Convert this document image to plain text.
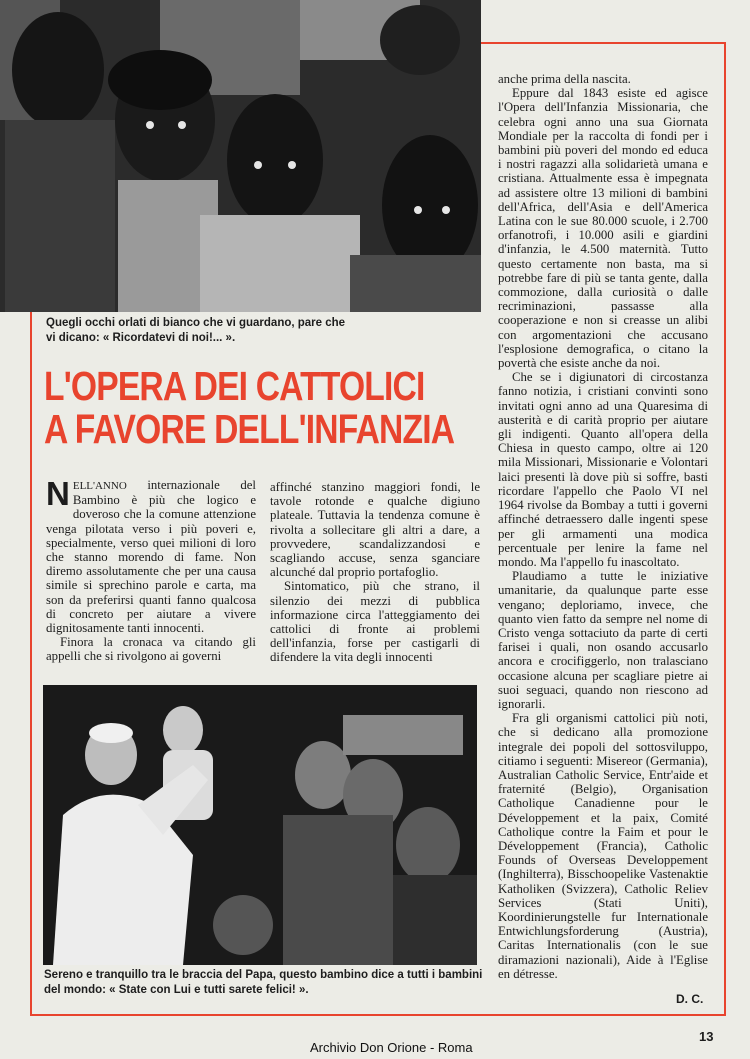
Quegli occhi orlati di bianco che vi guardano, pare che vi dicano: « Ricordatevi di noi!... ».
L'OPERA DEI CATTOLICI
A FAVORE DELL'INFANZIA

NELL'ANNO internazionale del Bambino è più che logico e doveroso che la comune attenzione venga pilotata verso i più poveri e, specialmente, verso quei milioni di loro che stanno morendo di fame. Non diremo assolutamente che per una causa simile si sprechino parole e carta, ma son da preferirsi quanti fanno qualcosa di concreto per aiutare a vivere dignitosamente tanti innocenti.

Finora la cronaca va citando gli appelli che si rivolgono ai governi

affinché stanzino maggiori fondi, le tavole rotonde e qualche digiuno plateale. Tuttavia la tendenza comune è rivolta a sollecitare gli altri a dare, a provvedere, scandalizzandosi e scagliando accuse, senza sganciare alcunché dal proprio portafoglio.

Sintomatico, più che strano, il silenzio dei mezzi di pubblica informazione circa l'atteggiamento dei cattolici di fronte ai problemi dell'infanzia, forse per castigarli di difendere la vita degli innocenti

anche prima della nascita.

Eppure dal 1843 esiste ed agisce l'Opera dell'Infanzia Missionaria, che celebra ogni anno una sua Giornata Mondiale per la raccolta di fondi per i bambini più poveri del mondo ed educa i nostri ragazzi alla solidarietà umana e cristiana. Attualmente essa è impegnata ad assistere oltre 13 milioni di bambini dell'Africa, dell'Asia e dell'America Latina con le sue 80.000 scuole, i 2.700 orfanotrofi, i 10.000 asili e giardini d'infanzia, le 4.500 maternità. Tutto questo certamente non basta, ma si potrebbe fare di più se tanta gente, dalla commozione, dalla curiosità o dalle recriminazioni, passasse alla cooperazione e non si creasse un alibi con argomentazioni che accusano l'esplosione demografica, o citano la povertà che esiste anche da noi.

Che se i digiunatori di circostanza fanno notizia, i cristiani convinti sono invitati ogni anno ad una Quaresima di austerità e di carità proprio per aiutare gli indigenti. Quanto all'opera della Chiesa in questo campo, oltre ai 120 mila Missionari, Missionarie e Volontari laici presenti là dove più si soffre, basti ricordare l'appello che Paolo VI nel 1964 rivolse da Bombay a tutti i governi affinché detraessero dalle ingenti spese per gli armamenti una modica percentuale per lenire la fame nel mondo. Ma l'appello fu inascoltato.

Plaudiamo a tutte le iniziative umanitarie, da qualunque parte esse vengano; deploriamo, invece, che quanto vien fatto da sempre nel nome di Cristo venga sottaciuto da parte di certi farisei i quali, non osando accusarlo ancora e crocifiggerlo, non tralasciano occasione alcuna per scagliare pietre ai suoi seguaci, quando non riescono ad ignorarli.

Fra gli organismi cattolici più noti, che si dedicano alla promozione integrale dei popoli del sottosviluppo, citiamo i seguenti: Misereor (Germania), Australian Catholic Service, Entr'aide et fraternité (Belgio), Organisation Catholique Canadienne pour le Développement et la paix, Comité Catholique contre la Faim et pour le Développement (Francia), Catholic Founds of Overseas Developpement (Inghilterra), Bisschoopelike Vastenaktie Katholiken (Svizzera), Catholic Reliev Services (Stati Uniti), Koordinierungstelle fur Internationale Entwichlungsforderung (Austria), Caritas Internationalis (con le sue diramazioni nazionali), Aide à l'Eglise en détresse.

Sereno e tranquillo tra le braccia del Papa, questo bambino dice a tutti i bambini del mondo: « State con Lui e tutti sarete felici! ».
D. C.
13
Archivio Don Orione - Roma
